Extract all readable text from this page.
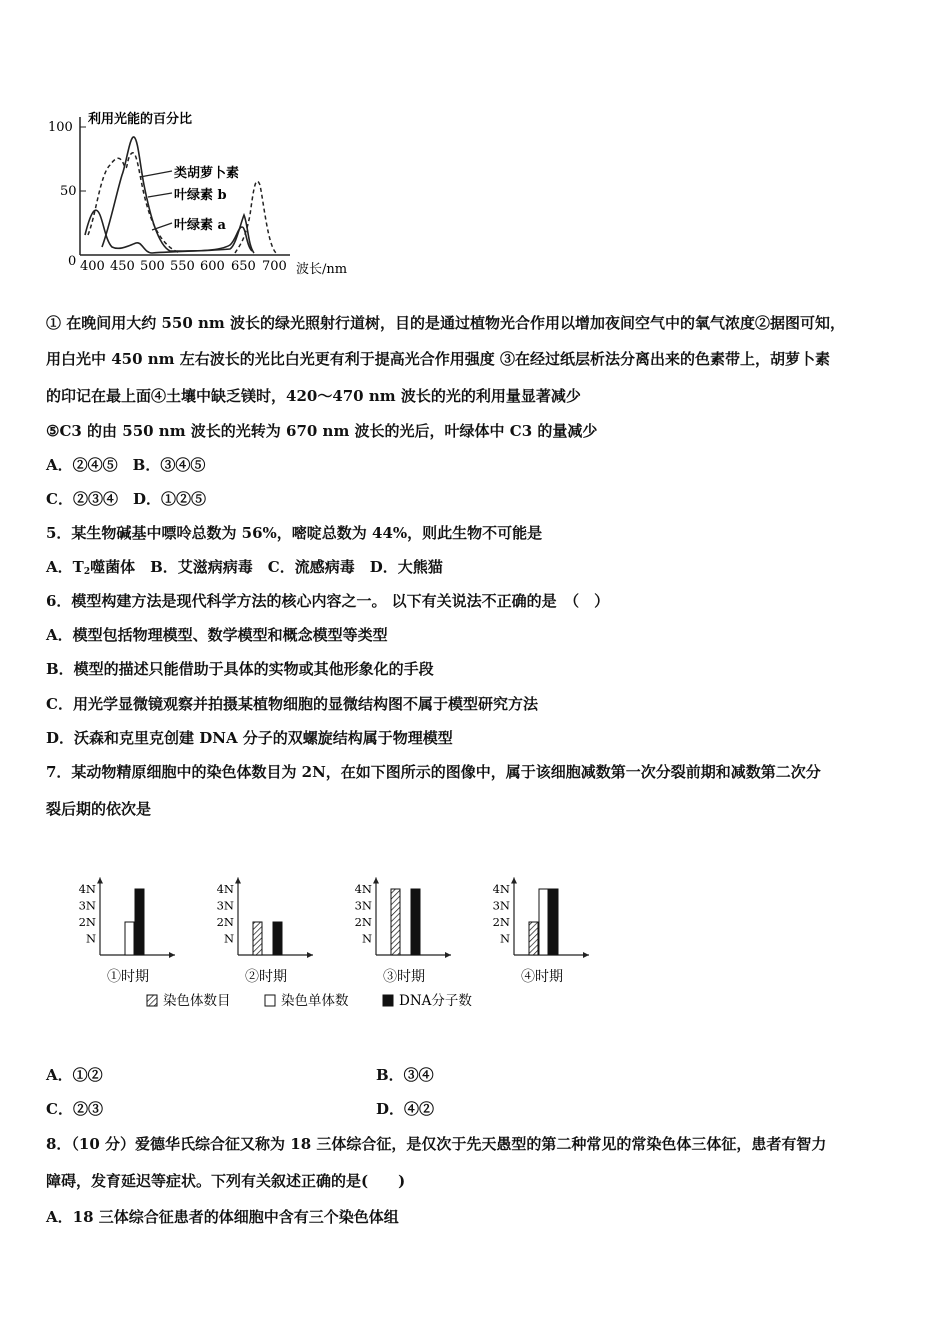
利用光能的百分比
100
50
0 400 450 500 550 600 650 700 波长/nm
类胡萝卜素
叶绿素 b
叶绿素 a
① 在晚间用大约 550 nm 波长的绿光照射行道树，目的是通过植物光合作用以增加夜间空气中的氧气浓度②据图可知，
用白光中 450 nm 左右波长的光比白光更有利于提高光合作用强度 ③在经过纸层析法分离出来的色素带上，胡萝卜素
的印记在最上面④土壤中缺乏镁时，420～470 nm 波长的光的利用量显著减少
⑤C3 的由 550 nm 波长的光转为 670 nm 波长的光后，叶绿体中 C3 的量减少
A．②④⑤　B．③④⑤
C．②③④　D．①②⑤
5．某生物碱基中嘌呤总数为 56%，嘧啶总数为 44%，则此生物不可能是
A．$T_2$噬菌体　B．艾滋病病毒　C．流感病毒　D．大熊猫
6．模型构建方法是现代科学方法的核心内容之一。 以下有关说法不正确的是　（　）
A．模型包括物理模型、数学模型和概念模型等类型
B．模型的描述只能借助于具体的实物或其他形象化的手段
C．用光学显微镜观察并拍摄某植物细胞的显微结构图不属于模型研究方法
D．沃森和克里克创建 DNA 分子的双螺旋结构属于物理模型
7．某动物精原细胞中的染色体数目为 2N，在如下图所示的图像中，属于该细胞减数第一次分裂前期和减数第二次分
裂后期的依次是
4N
3N
2N
N
①时期
4N
3N
2N
N
②时期
4N
3N
2N
N
③时期
4N
3N
2N
N
④时期
染色体数目	染色单体数	DNA分子数
A．①②	B．③④
C．②③	D．④②
8．（10 分）爱德华氏综合征又称为 18 三体综合征，是仅次于先天愚型的第二种常见的常染色体三体征，患者有智力
障碍，发育延迟等症状。下列有关叙述正确的是(　　)
A．18 三体综合征患者的体细胞中含有三个染色体组
